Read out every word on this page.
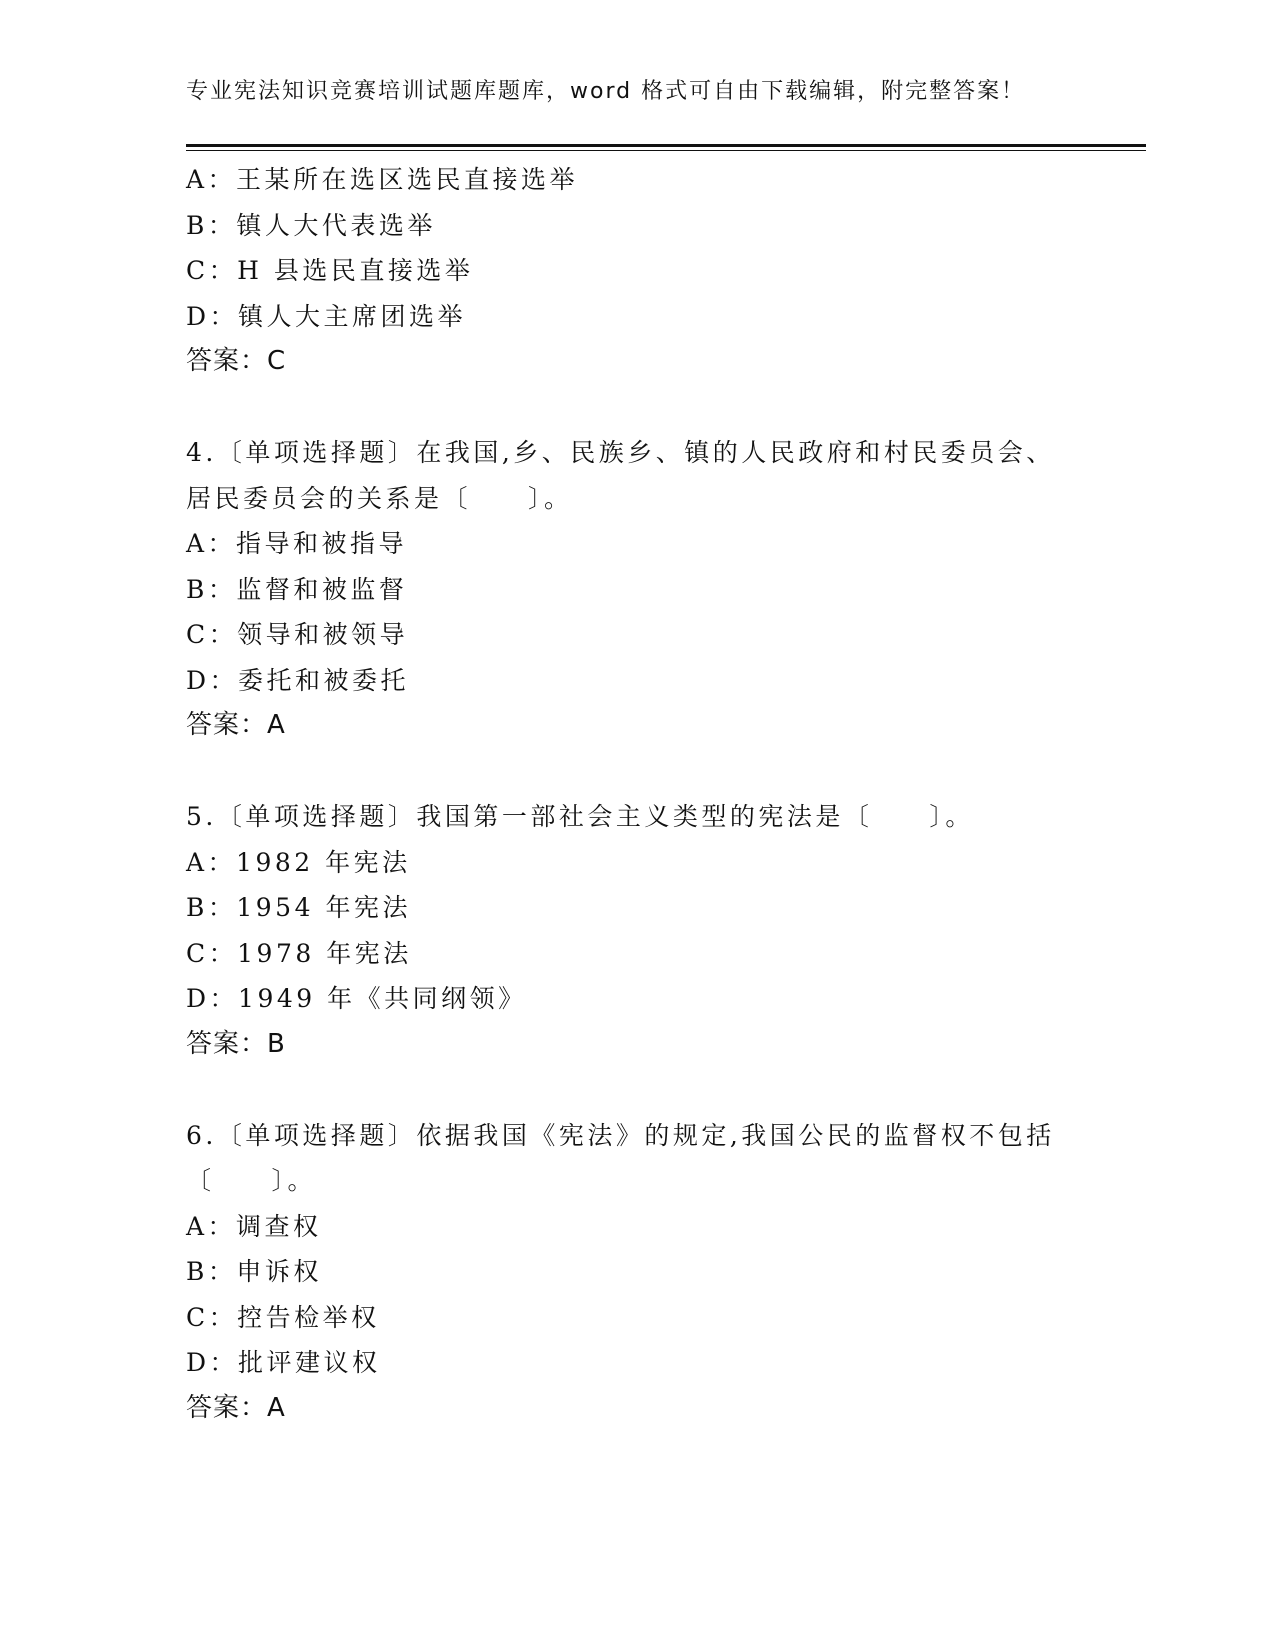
专业宪法知识竞赛培训试题库题库，word 格式可自由下载编辑，附完整答案！
A：王某所在选区选民直接选举
B：镇人大代表选举
C：H 县选民直接选举
D：镇人大主席团选举
答案：C
4.〔单项选择题〕在我国,乡、民族乡、镇的人民政府和村民委员会、
居民委员会的关系是〔　　〕。
A：指导和被指导
B：监督和被监督
C：领导和被领导
D：委托和被委托
答案：A
5.〔单项选择题〕我国第一部社会主义类型的宪法是〔　　〕。
A：1982 年宪法
B：1954 年宪法
C：1978 年宪法
D：1949 年《共同纲领》
答案：B
6.〔单项选择题〕依据我国《宪法》的规定,我国公民的监督权不包括
〔　　〕。
A：调查权
B：申诉权
C：控告检举权
D：批评建议权
答案：A
